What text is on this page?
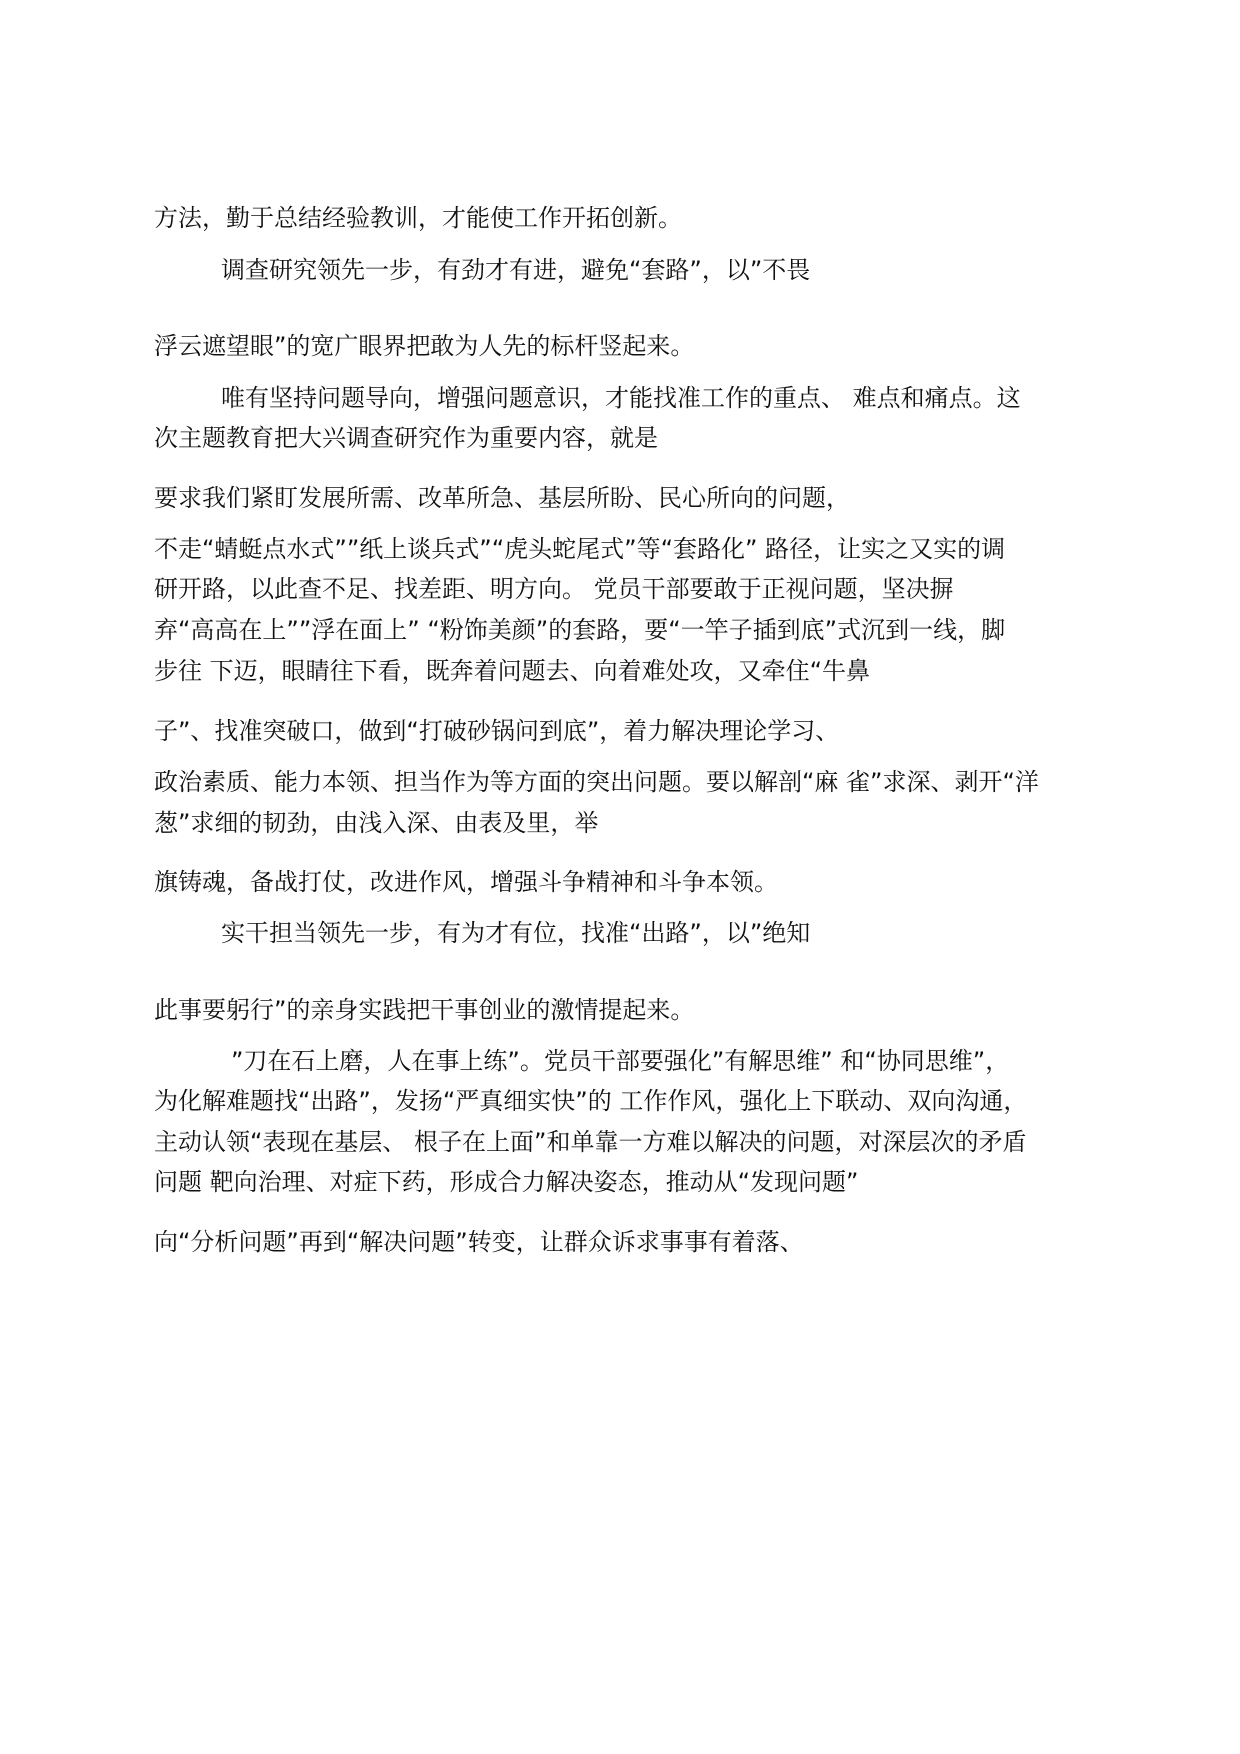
方法，勤于总结经验教训，才能使工作开拓创新。
调查研究领先一步，有劲才有进，避免“套路”，以”不畏
浮云遮望眼”的宽广眼界把敢为人先的标杆竖起来。
唯有坚持问题导向，增强问题意识，才能找准工作的重点、 难点和痛点。这
次主题教育把大兴调查研究作为重要内容，就是
要求我们紧盯发展所需、改革所急、基层所盼、民心所向的问题，
不走“蜻蜓点水式””纸上谈兵式”“虎头蛇尾式”等“套路化” 路径，让实之又实的调
研开路，以此查不足、找差距、明方向。 党员干部要敢于正视问题，坚决摒
弃“高高在上””浮在面上” “粉饰美颜”的套路，要“一竿子插到底”式沉到一线，脚
步往 下迈，眼睛往下看，既奔着问题去、向着难处攻，又牵住“牛鼻
子”、找准突破口，做到“打破砂锅问到底”，着力解决理论学习、
政治素质、能力本领、担当作为等方面的突出问题。要以解剖“麻 雀”求深、剥开“洋
葱”求细的韧劲，由浅入深、由表及里，举
旗铸魂，备战打仗，改进作风，增强斗争精神和斗争本领。
实干担当领先一步，有为才有位，找准“出路”，以”绝知
此事要躬行”的亲身实践把干事创业的激情提起来。
”刀在石上磨，人在事上练”。党员干部要强化”有解思维” 和“协同思维”，
为化解难题找“出路”，发扬“严真细实快”的 工作作风，强化上下联动、双向沟通，
主动认领“表现在基层、 根子在上面”和单靠一方难以解决的问题，对深层次的矛盾
问题 靶向治理、对症下药，形成合力解决姿态，推动从“发现问题”
向“分析问题”再到“解决问题”转变，让群众诉求事事有着落、
